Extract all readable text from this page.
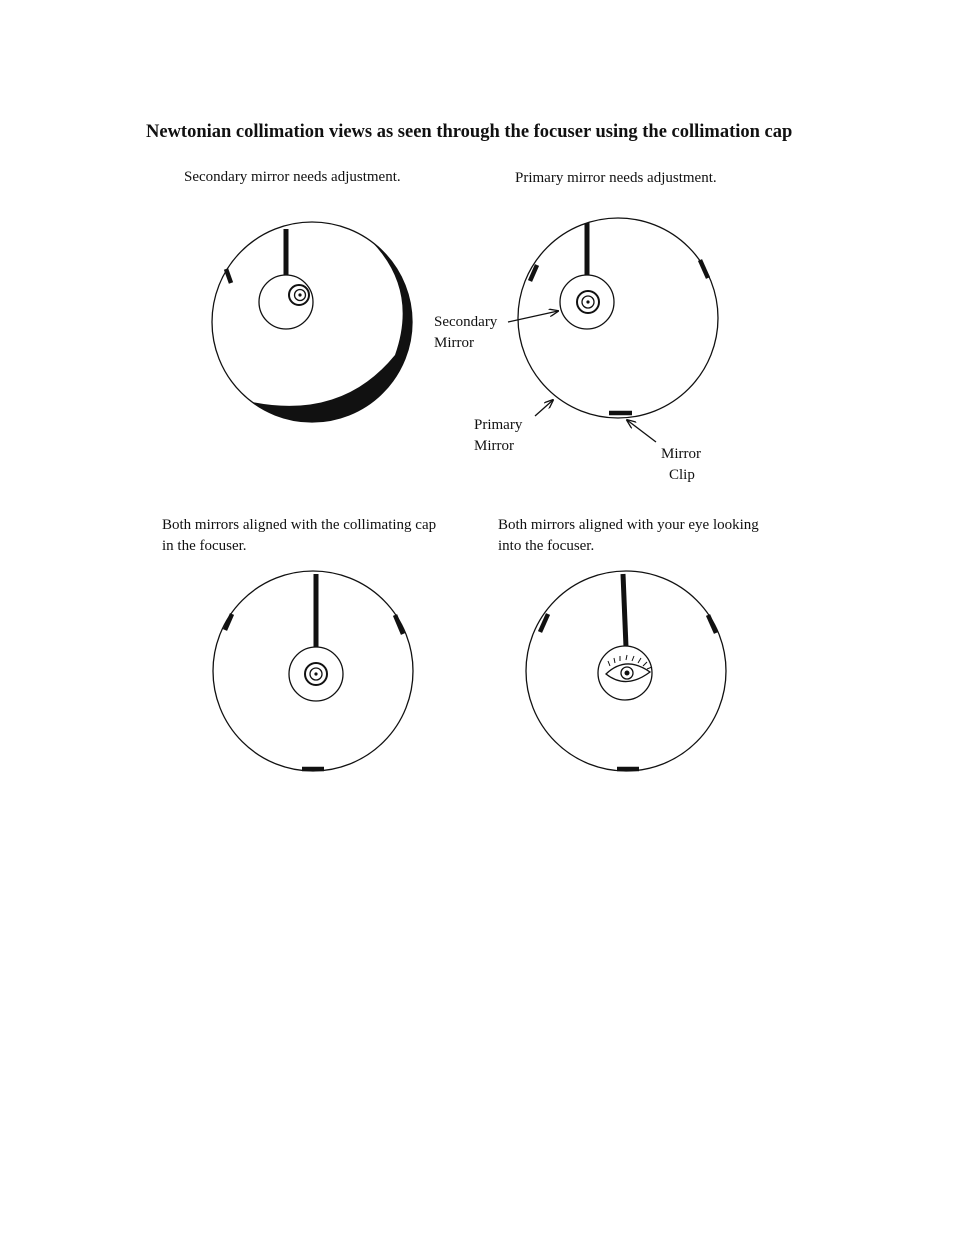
Newtonian collimation views as seen through the focuser using the collimation cap
Secondary mirror needs adjustment.	Primary mirror needs adjustment.
Both mirrors aligned with the collimating cap
in the focuser.
Both mirrors aligned with your eye looking
into the focuser.
Secondary
Mirror
Primary
Mirror	Mirror
Clip
